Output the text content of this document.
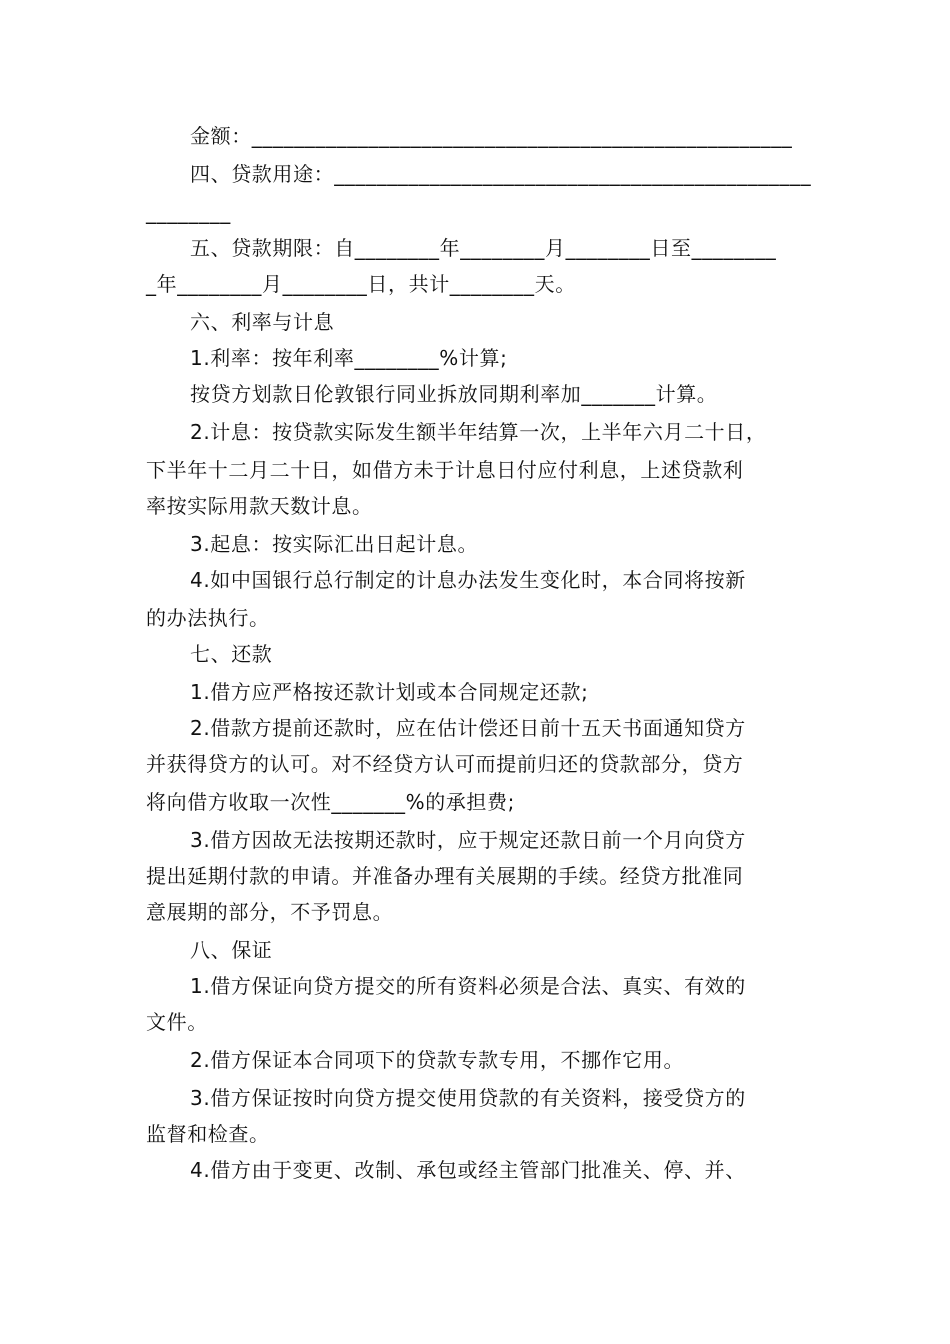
金额：___________________________________________________
四、贷款用途：_____________________________________________
________
五、贷款期限：自________年________月________日至________
_年________月________日，共计________天。
六、利率与计息
1.利率：按年利率________%计算;
按贷方划款日伦敦银行同业拆放同期利率加_______计算。
2.计息：按贷款实际发生额半年结算一次，上半年六月二十日，
下半年十二月二十日，如借方未于计息日付应付利息，上述贷款利
率按实际用款天数计息。
3.起息：按实际汇出日起计息。
4.如中国银行总行制定的计息办法发生变化时，本合同将按新
的办法执行。
七、还款
1.借方应严格按还款计划或本合同规定还款;
2.借款方提前还款时，应在估计偿还日前十五天书面通知贷方
并获得贷方的认可。对不经贷方认可而提前归还的贷款部分，贷方
将向借方收取一次性_______%的承担费;
3.借方因故无法按期还款时，应于规定还款日前一个月向贷方
提出延期付款的申请。并准备办理有关展期的手续。经贷方批准同
意展期的部分，不予罚息。
八、保证
1.借方保证向贷方提交的所有资料必须是合法、真实、有效的
文件。
2.借方保证本合同项下的贷款专款专用，不挪作它用。
3.借方保证按时向贷方提交使用贷款的有关资料，接受贷方的
监督和检查。
4.借方由于变更、改制、承包或经主管部门批准关、停、并、
